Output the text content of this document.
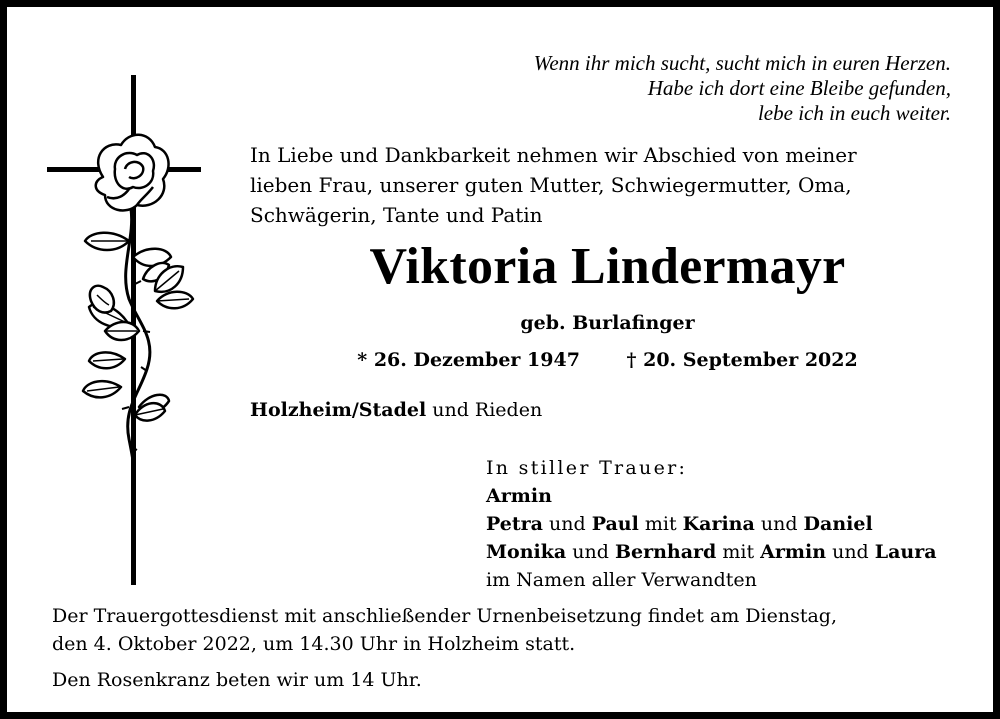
Wenn ihr mich sucht, sucht mich in euren Herzen.
Habe ich dort eine Bleibe gefunden,
lebe ich in euch weiter.
In Liebe und Dankbarkeit nehmen wir Abschied von meiner
lieben Frau, unserer guten Mutter, Schwiegermutter, Oma,
Schwägerin, Tante und Patin
Viktoria Lindermayr
geb. Burlafinger
* 26. Dezember 1947 † 20. September 2022
Holzheim/Stadel und Rieden
In stiller Trauer:
Armin
Petra und Paul mit Karina und Daniel
Monika und Bernhard mit Armin und Laura
im Namen aller Verwandten
Der Trauergottesdienst mit anschließender Urnenbeisetzung findet am Dienstag,
den 4. Oktober 2022, um 14.30 Uhr in Holzheim statt.
Den Rosenkranz beten wir um 14 Uhr.
